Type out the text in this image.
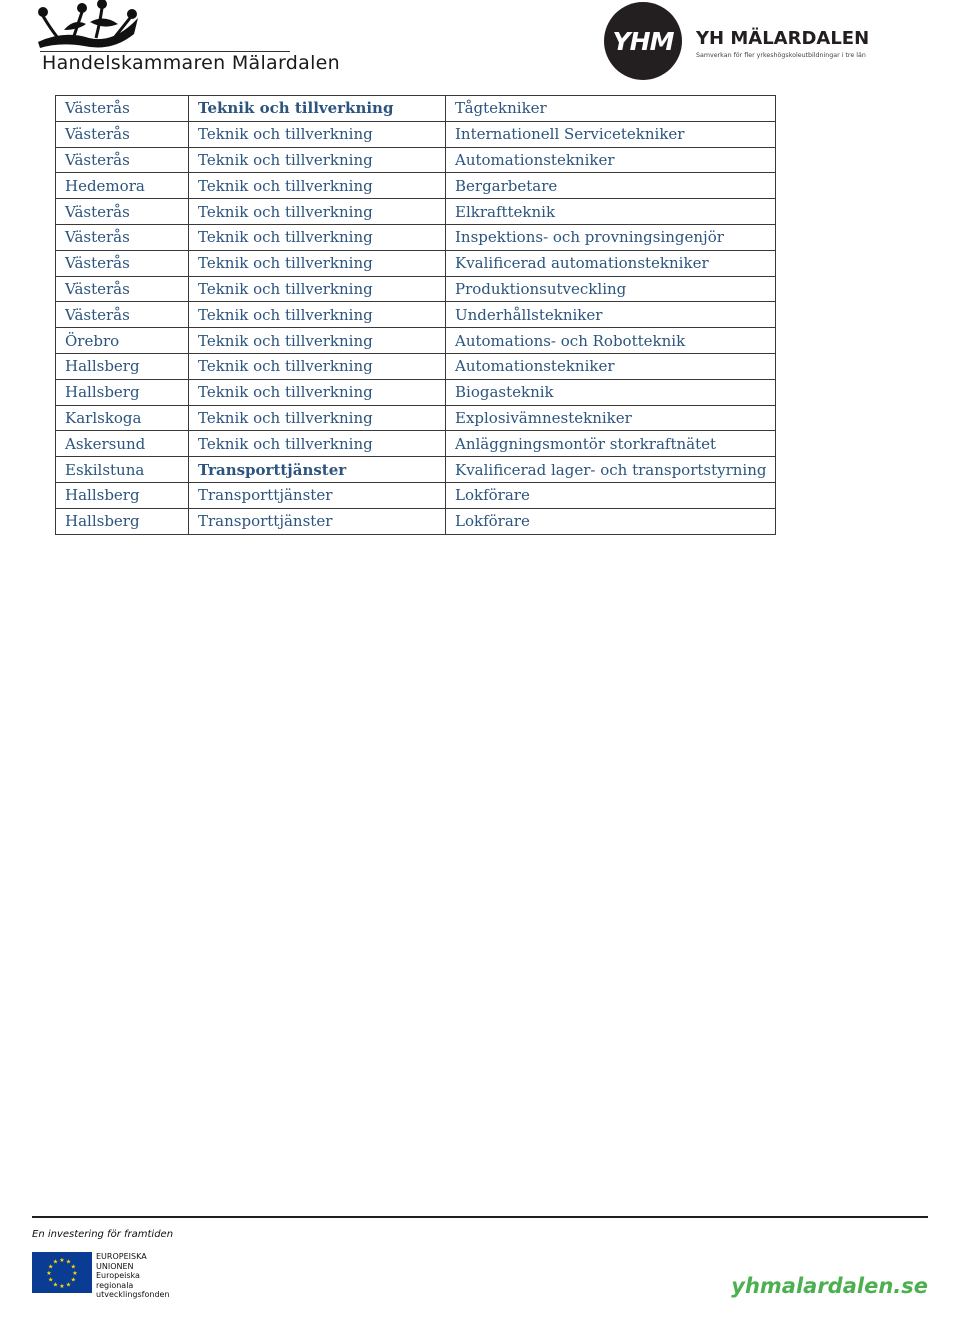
Handelskammaren Mälardalen
YHM	YH MÄLARDALEN
Samverkan för fler yrkeshögskoleutbildningar i tre län
Västerås	Teknik och tillverkning	Tågtekniker
Västerås	Teknik och tillverkning	Internationell Servicetekniker
Västerås	Teknik och tillverkning	Automationstekniker
Hedemora	Teknik och tillverkning	Bergarbetare
Västerås	Teknik och tillverkning	Elkraftteknik
Västerås	Teknik och tillverkning	Inspektions- och provningsingenjör
Västerås	Teknik och tillverkning	Kvalificerad automationstekniker
Västerås	Teknik och tillverkning	Produktionsutveckling
Västerås	Teknik och tillverkning	Underhållstekniker
Örebro	Teknik och tillverkning	Automations- och Robotteknik
Hallsberg	Teknik och tillverkning	Automationstekniker
Hallsberg	Teknik och tillverkning	Biogasteknik
Karlskoga	Teknik och tillverkning	Explosivämnestekniker
Askersund	Teknik och tillverkning	Anläggningsmontör storkraftnätet
Eskilstuna	Transporttjänster	Kvalificerad lager- och transportstyrning
Hallsberg	Transporttjänster	Lokförare
Hallsberg	Transporttjänster	Lokförare
En investering för framtiden
★
★
★
★
★
★
★
★
★ ★ ★
★
EUROPEISKA
UNIONEN
Europeiska
regionala
utvecklingsfonden	yhmalardalen.se
